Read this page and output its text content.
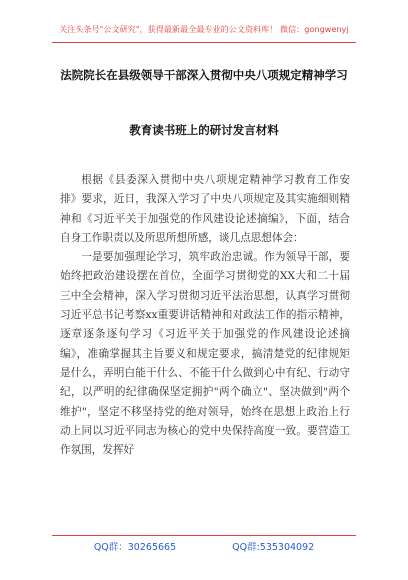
关注头条号"公文研究"，获得最新最全最专业的公文资料库！ 微信：gongwenyj
法院院长在县级领导干部深入贯彻中央八项规定精神学习
教育读书班上的研讨发言材料

根据《县委深入贯彻中央八项规定精神学习教育工作安排》要求，近日，我深入学习了中央八项规定及其实施细则精神和《习近平关于加强党的作风建设论述摘编》，下面，结合自身工作职责以及所思所想所感，谈几点思想体会：

一是要加强理论学习，筑牢政治忠诚。作为领导干部，要始终把政治建设摆在首位，全面学习贯彻党的XX大和二十届三中全会精神，深入学习贯彻习近平法治思想，认真学习贯彻习近平总书记考察xx重要讲话精神和对政法工作的指示精神，逐章逐条逐句学习《习近平关于加强党的作风建设论述摘编》，准确掌握其主旨要义和规定要求，搞清楚党的纪律规矩是什么，弄明白能干什么、不能干什么做到心中有纪、行动守纪，以严明的纪律确保坚定拥护"两个确立"、坚决做到"两个维护"，坚定不移坚持党的绝对领导，始终在思想上政治上行动上同以习近平同志为核心的党中央保持高度一致。要营造工作氛围，发挥好

QQ群：30265665	QQ群:535304092
